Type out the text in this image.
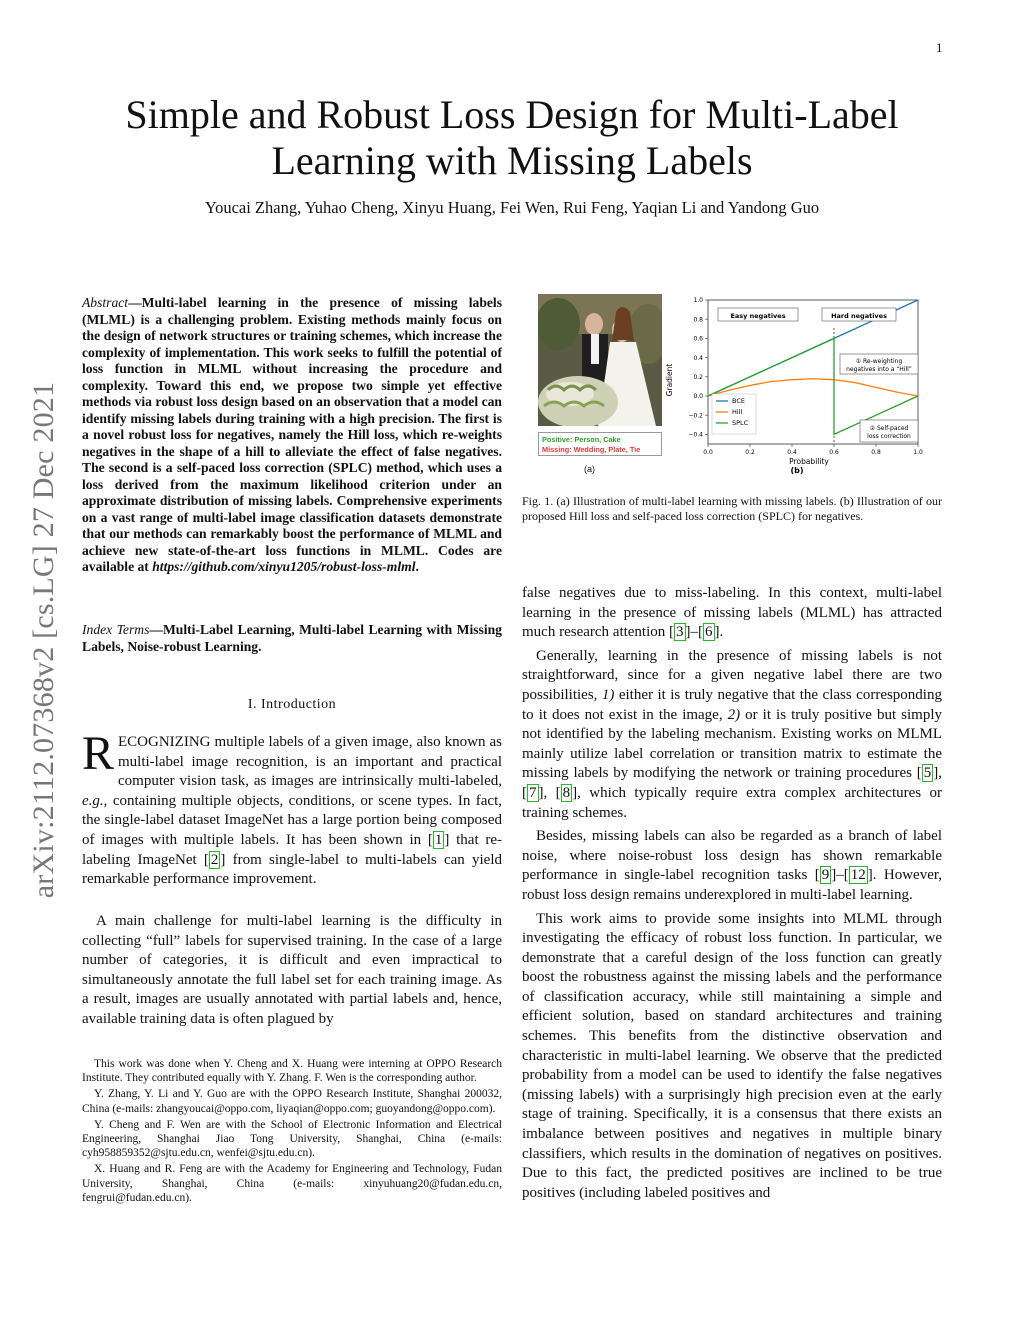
1
arXiv:2112.07368v2 [cs.LG] 27 Dec 2021
Simple and Robust Loss Design for Multi-Label Learning with Missing Labels
Youcai Zhang, Yuhao Cheng, Xinyu Huang, Fei Wen, Rui Feng, Yaqian Li and Yandong Guo
Abstract—Multi-label learning in the presence of missing labels (MLML) is a challenging problem. Existing methods mainly focus on the design of network structures or training schemes, which increase the complexity of implementation. This work seeks to fulfill the potential of loss function in MLML without increasing the procedure and complexity. Toward this end, we propose two simple yet effective methods via robust loss design based on an observation that a model can identify missing labels during training with a high precision. The first is a novel robust loss for negatives, namely the Hill loss, which re-weights negatives in the shape of a hill to alleviate the effect of false negatives. The second is a self-paced loss correction (SPLC) method, which uses a loss derived from the maximum likelihood criterion under an approximate distribution of missing labels. Comprehensive experiments on a vast range of multi-label image classification datasets demonstrate that our methods can remarkably boost the performance of MLML and achieve new state-of-the-art loss functions in MLML. Codes are available at https://github.com/xinyu1205/robust-loss-mlml.
Index Terms—Multi-Label Learning, Multi-label Learning with Missing Labels, Noise-robust Learning.
I. Introduction
RECOGNIZING multiple labels of a given image, also known as multi-label image recognition, is an important and practical computer vision task, as images are intrinsically multi-labeled, e.g., containing multiple objects, conditions, or scene types. In fact, the single-label dataset ImageNet has a large portion being composed of images with multiple labels. It has been shown in [ 1 ] that re-labeling ImageNet [ 2 ] from single-label to multi-labels can yield remarkable performance improvement.
A main challenge for multi-label learning is the difficulty in collecting “full” labels for supervised training. In the case of a large number of categories, it is difficult and even impractical to simultaneously annotate the full label set for each training image. As a result, images are usually annotated with partial labels and, hence, available training data is often plagued by

This work was done when Y. Cheng and X. Huang were interning at OPPO Research Institute. They contributed equally with Y. Zhang. F. Wen is the corresponding author.

Y. Zhang, Y. Li and Y. Guo are with the OPPO Research Institute, Shanghai 200032, China (e-mails: zhangyoucai@oppo.com, liyaqian@oppo.com; guoyandong@oppo.com).

Y. Cheng and F. Wen are with the School of Electronic Information and Electrical Engineering, Shanghai Jiao Tong University, Shanghai, China (e-mails: cyh958859352@sjtu.edu.cn, wenfei@sjtu.edu.cn).

X. Huang and R. Feng are with the Academy for Engineering and Technology, Fudan University, Shanghai, China (e-mails: xinyuhuang20@fudan.edu.cn, fengrui@fudan.edu.cn).

Positive: Person, Cake
Missing: Wedding, Plate, Tie
(a)
1.0
0.8
0.6
0.4
0.2
0.0
−0.2
−0.4
0.0	0.2	0.4	0.6	0.8	1.0
Easy negatives	Hard negatives
① Re-weighting
negatives into a “Hill”
② Self-paced
loss correction
BCE
Hill
SPLC
Gradient
Probability
(b)
Fig. 1. (a) Illustration of multi-label learning with missing labels. (b) Illustration of our proposed Hill loss and self-paced loss correction (SPLC) for negatives.

false negatives due to miss-labeling. In this context, multi-label learning in the presence of missing labels (MLML) has attracted much research attention [ 3 ]–[ 6 ].

Generally, learning in the presence of missing labels is not straightforward, since for a given negative label there are two possibilities, 1) either it is truly negative that the class corresponding to it does not exist in the image, 2) or it is truly positive but simply not identified by the labeling mechanism. Existing works on MLML mainly utilize label correlation or transition matrix to estimate the missing labels by modifying the network or training procedures [ 5 ], [ 7 ], [ 8 ], which typically require extra complex architectures or training schemes.

Besides, missing labels can also be regarded as a branch of label noise, where noise-robust loss design has shown remarkable performance in single-label recognition tasks [ 9 ]–[ 12 ]. However, robust loss design remains underexplored in multi-label learning.

This work aims to provide some insights into MLML through investigating the efficacy of robust loss function. In particular, we demonstrate that a careful design of the loss function can greatly boost the robustness against the missing labels and the performance of classification accuracy, while still maintaining a simple and efficient solution, based on standard architectures and training schemes. This benefits from the distinctive observation and characteristic in multi-label learning. We observe that the predicted probability from a model can be used to identify the false negatives (missing labels) with a surprisingly high precision even at the early stage of training. Specifically, it is a consensus that there exists an imbalance between positives and negatives in multiple binary classifiers, which results in the domination of negatives on positives. Due to this fact, the predicted positives are inclined to be true positives (including labeled positives and
